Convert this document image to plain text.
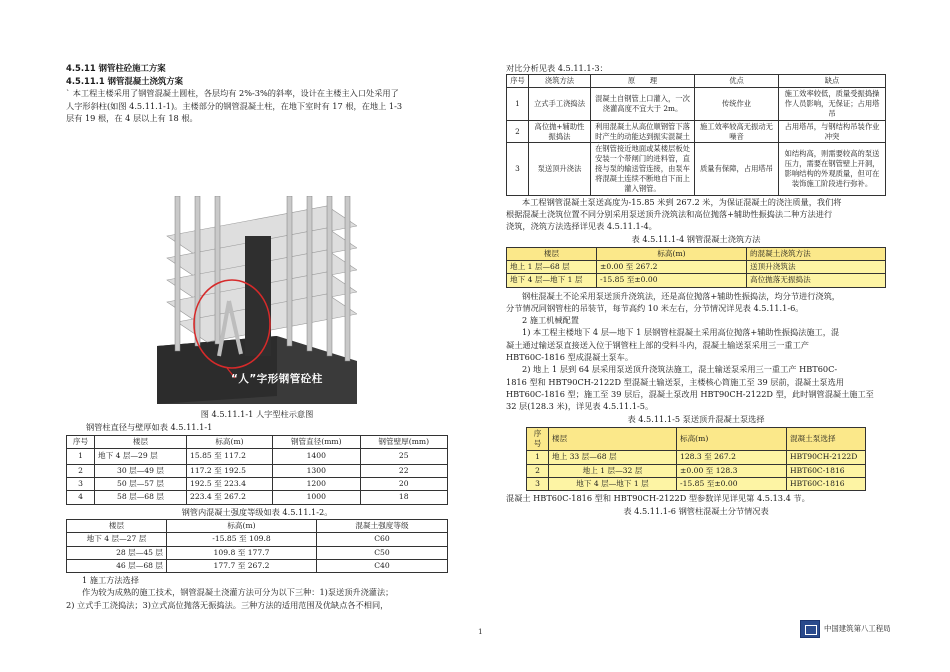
4.5.11 钢管柱砼施工方案
4.5.11.1 钢管混凝土浇筑方案
` 本工程主楼采用了钢管混凝土圆柱，各层均有 2%-3%的斜率，设计在主楼主入口处采用了
人字形斜柱(如图 4.5.11.1-1)。主楼部分的钢管混凝土柱，在地下室时有 17 根，在地上 1-3
层有 19 根，在 4 层以上有 18 根。
“人”字形钢管砼柱
图 4.5.11.1-1 人字型柱示意图
钢管柱直径与壁厚如表 4.5.11.1-1
序号	楼层	标高(m)	钢管直径(mm)	钢管壁厚(mm)
1	地下 4 层—29 层	15.85 至 117.2	1400	25
2	30 层—49 层	117.2 至 192.5	1300	22
3	50 层—57 层	192.5 至 223.4	1200	20
4	58 层—68 层	223.4 至 267.2	1000	18
钢管内混凝土强度等级如表 4.5.11.1-2。
楼层	标高(m)	混凝土强度等级
地下 4 层—27 层	-15.85 至 109.8	C60
28 层—45 层	109.8 至 177.7	C50
46 层—68 层	177.7 至 267.2	C40
1 施工方法选择
作为较为成熟的施工技术，钢管混凝土浇灌方法可分为以下三种：1)泵送顶升浇灌法；
2) 立式手工浇捣法；3)立式高位抛落无振捣法。三种方法的适用范围及优缺点各不相同，
对比分析见表 4.5.11.1-3：
序号	浇筑方法	原　　理	优点	缺点
1	立式手工浇捣法	混凝土自钢管上口灌入，一次浇灌高度不宜大于 2m。	传统作业	施工效率较低，质量受振捣操作人员影响，无保证；占用塔吊
2	高位抛+辅助性振捣法	利用混凝土从高位顺钢管下落时产生的动能达到振实混凝土	施工效率较高无振动无噪音	占用塔吊，与钢结构吊装作业冲突
3	泵送顶升浇法	在钢管接近地面或某楼层板处安装一个带闸门的进料管，直接与泵的输送管连接，由泵车将混凝土连续不断地自下而上灌入钢管。	质量有保障，占用塔吊	如结构高，则需要较高的泵送压力，需要在钢管壁上开洞，影响结构的外观质量，但可在装饰施工阶段进行弥补。
本工程钢管混凝土泵送高度为-15.85 米到 267.2 米，为保证混凝土的浇注质量，我们将
根据混凝土浇筑位置不同分别采用泵送顶升浇筑法和高位抛落+辅助性振捣法二种方法进行
浇筑，浇筑方法选择详见表 4.5.11.1-4。
表 4.5.11.1-4 钢管混凝土浇筑方法
楼层	标高(m)	的混凝土浇筑方法
地上 1 层—68 层	±0.00 至 267.2	送顶升浇筑法
地下 4 层—地下 1 层	-15.85 至±0.00	高位抛落无振捣法
钢柱混凝土不论采用泵送顶升浇筑法，还是高位抛落+辅助性振捣法，均分节进行浇筑，
分节情况同钢管柱的吊装节，每节高约 10 米左右，分节情况详见表 4.5.11.1-6。
2 施工机械配置
1) 本工程主楼地下 4 层—地下 1 层钢管柱混凝土采用高位抛落+辅助性振捣法施工，混
凝土通过输送泵直接送入位于钢管柱上部的受料斗内，混凝土输送泵采用三一重工产
HBT60C-1816 型成混凝土泵车。
2) 地上 1 层到 64 层采用泵送顶升浇筑法施工，混土输送泵采用三一重工产 HBT60C-
1816 型和 HBT90CH-2122D 型混凝土输送泵，主楼核心筒施工至 39 层前，混凝土泵选用
HBT60C-1816 型；施工至 39 层后，混凝土泵改用 HBT90CH-2122D 型，此时钢管混凝土施工至
32 层(128.3 米)，详见表 4.5.11.1-5。
表 4.5.11.1-5 泵送顶升混凝土泵选择
序号	楼层	标高(m)	混凝土泵选择
1	地上 33 层—68 层	128.3 至 267.2	HBT90CH-2122D
2	地上 1 层—32 层	±0.00 至 128.3	HBT60C-1816
3	地下 4 层—地下 1 层	-15.85 至±0.00	HBT60C-1816
混凝土 HBT60C-1816 型和 HBT90CH-2122D 型参数详见详见第 4.5.13.4 节。
表 4.5.11.1-6 钢管柱混凝土分节情况表
1	中国建筑第八工程局
